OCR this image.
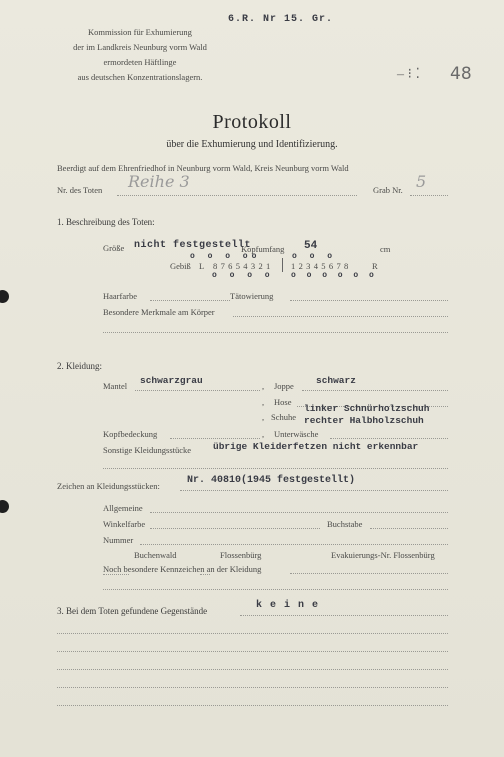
6.R. Nr 15. Gr.
Kommission für Exhumierung
der im Landkreis Neunburg vorm Wald
ermordeten Häftlinge
aus deutschen Konzentrationslagern.	– ⁝ ⁚ 48
Protokoll
über die Exhumierung und Identifizierung.
Beerdigt auf dem Ehrenfriedhof in Neunburg vorm Wald, Kreis Neunburg vorm Wald
Nr. des Toten Reihe 3	Grab Nr. 5
1. Beschreibung des Toten:
Größe nicht festgestellt
Kopfumfang 54	cm
o o o oo	o o o
Gebiß L 8 7 6 5 4 3 2 1 1 2 3 4 5 6 7 8	R
o o o o o o o o o o
Haarfarbe	Tätowierung
Besondere Merkmale am Körper
2. Kleidung:
Mantel schwarzgrau	, Joppe schwarz
, Hose
, Schuhe
linker Schnürholzschuh
rechter Halbholzschuh
Kopfbedeckung	, Unterwäsche
Sonstige Kleidungsstücke übrige Kleiderfetzen nicht erkennbar
Zeichen an Kleidungsstücken:	Nr. 40810(1945 festgestellt)
Allgemeine
Winkelfarbe	Buchstabe
Nummer
Buchenwald	Flossenbürg	Evakuierungs-Nr. Flossenbürg
Noch besondere Kennzeichen an der Kleidung
3. Bei dem Toten gefundene Gegenstände	k e i n e
